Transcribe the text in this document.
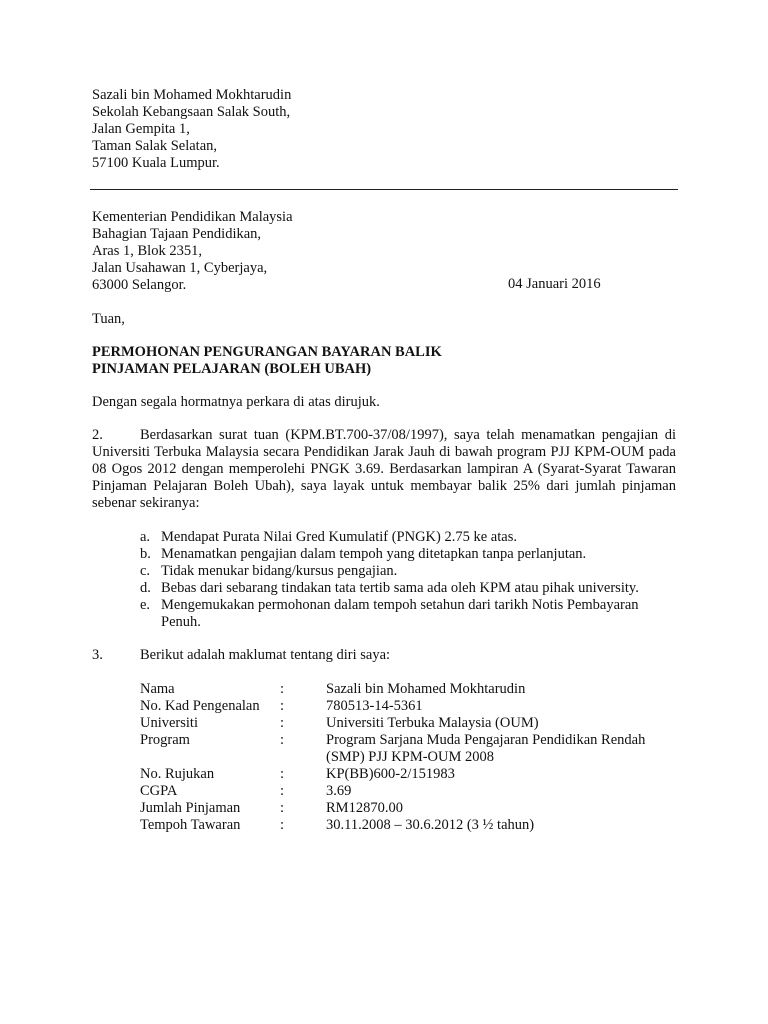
Sazali bin Mohamed Mokhtarudin
Sekolah Kebangsaan Salak South,
Jalan Gempita 1,
Taman Salak Selatan,
57100 Kuala Lumpur.
Kementerian Pendidikan Malaysia
Bahagian Tajaan Pendidikan,
Aras 1, Blok 2351,
Jalan Usahawan 1, Cyberjaya,
63000 Selangor.	04 Januari 2016
Tuan,
PERMOHONAN PENGURANGAN BAYARAN BALIK
PINJAMAN PELAJARAN (BOLEH UBAH)
Dengan segala hormatnya perkara di atas dirujuk.
2.	Berdasarkan surat tuan (KPM.BT.700-37/08/1997), saya telah menamatkan pengajian di Universiti Terbuka Malaysia secara Pendidikan Jarak Jauh di bawah program PJJ KPM-OUM pada 08 Ogos 2012 dengan memperolehi PNGK 3.69. Berdasarkan lampiran A (Syarat-Syarat Tawaran Pinjaman Pelajaran Boleh Ubah), saya layak untuk membayar balik 25% dari jumlah pinjaman sebenar sekiranya:
a. Mendapat Purata Nilai Gred Kumulatif (PNGK) 2.75 ke atas.
b. Menamatkan pengajian dalam tempoh yang ditetapkan tanpa perlanjutan.
c. Tidak menukar bidang/kursus pengajian.
d. Bebas dari sebarang tindakan tata tertib sama ada oleh KPM atau pihak university.
e. Mengemukakan permohonan dalam tempoh setahun dari tarikh Notis Pembayaran Penuh.
3.	Berikut adalah maklumat tentang diri saya:
Nama	:	Sazali bin Mohamed Mokhtarudin
No. Kad Pengenalan :	780513-14-5361
Universiti	:	Universiti Terbuka Malaysia (OUM)
Program	:	Program Sarjana Muda Pengajaran Pendidikan Rendah (SMP) PJJ KPM-OUM 2008
No. Rujukan	:	KP(BB)600-2/151983
CGPA	:	3.69
Jumlah Pinjaman	:	RM12870.00
Tempoh Tawaran	:	30.11.2008 – 30.6.2012 (3 ½ tahun)
